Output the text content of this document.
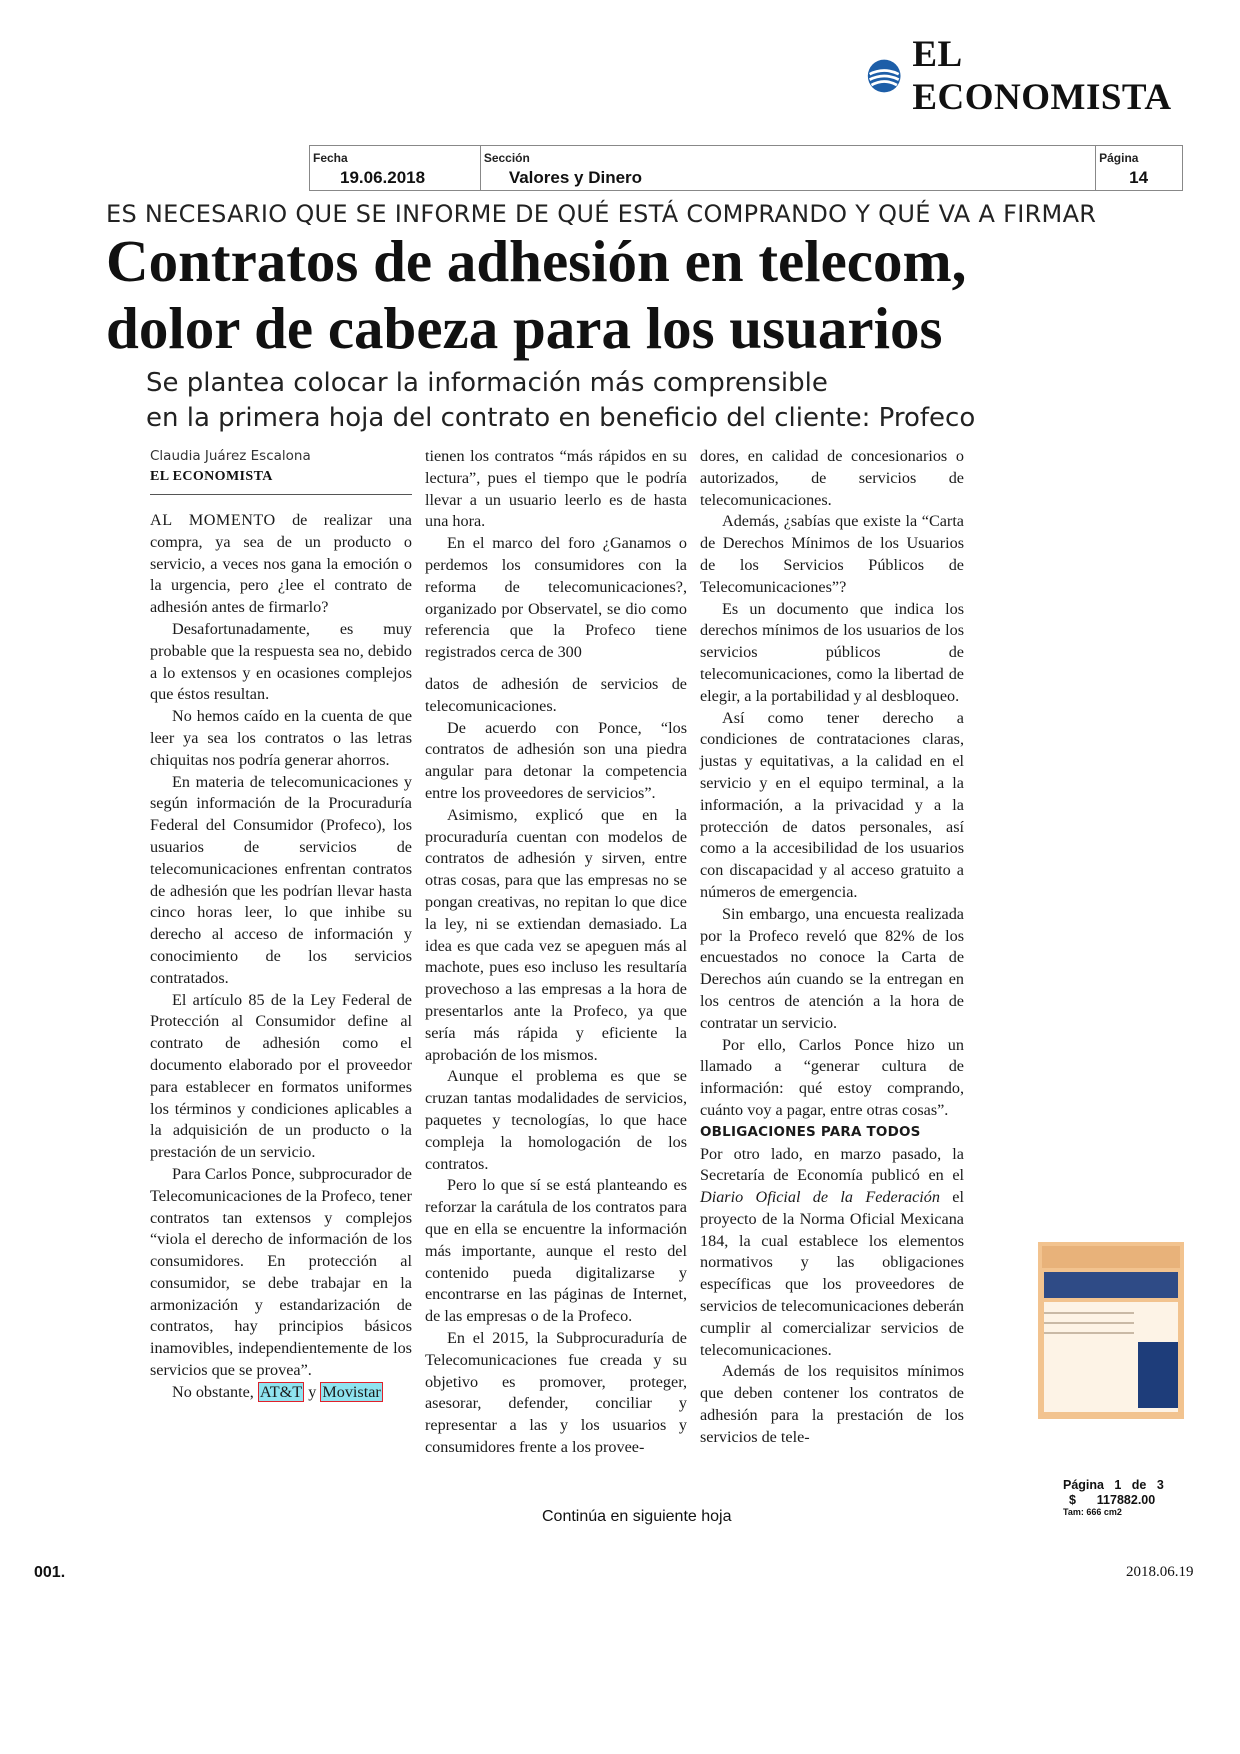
EL ECONOMISTA
Fecha
19.06.2018
Sección
Valores y Dinero
Página
14
ES NECESARIO QUE SE INFORME DE QUÉ ESTÁ COMPRANDO Y QUÉ VA A FIRMAR
Contratos de adhesión en telecom,
dolor de cabeza para los usuarios
Se plantea colocar la información más comprensible
en la primera hoja del contrato en beneficio del cliente: Profeco
Claudia Juárez Escalona
EL ECONOMISTA

AL MOMENTO de realizar una compra, ya sea de un producto o servicio, a veces nos gana la emoción o la urgencia, pero ¿lee el contrato de adhesión antes de firmarlo?

Desafortunadamente, es muy probable que la respuesta sea no, debido a lo extensos y en ocasiones complejos que éstos resultan.

No hemos caído en la cuenta de que leer ya sea los contratos o las letras chiquitas nos podría generar ahorros.

En materia de telecomunicaciones y según información de la Procuraduría Federal del Consumidor (Profeco), los usuarios de servicios de telecomunicaciones enfrentan contratos de adhesión que les podrían llevar hasta cinco horas leer, lo que inhibe su derecho al acceso de información y conocimiento de los servicios contratados.

El artículo 85 de la Ley Federal de Protección al Consumidor define al contrato de adhesión como el documento elaborado por el proveedor para establecer en formatos uniformes los términos y condiciones aplicables a la adquisición de un producto o la prestación de un servicio.

Para Carlos Ponce, subprocurador de Telecomunicaciones de la Profeco, tener contratos tan extensos y complejos “viola el derecho de información de los consumidores. En protección al consumidor, se debe trabajar en la armonización y estandarización de contratos, hay principios básicos inamovibles, independientemente de los servicios que se provea”.

No obstante, AT&T y Movistar

tienen los contratos “más rápidos en su lectura”, pues el tiempo que le podría llevar a un usuario leerlo es de hasta una hora.

En el marco del foro ¿Ganamos o perdemos los consumidores con la reforma de telecomunicaciones?, organizado por Observatel, se dio como referencia que la Profeco tiene registrados cerca de 300

datos de adhesión de servicios de telecomunicaciones.

De acuerdo con Ponce, “los contratos de adhesión son una piedra angular para detonar la competencia entre los proveedores de servicios”.

Asimismo, explicó que en la procuraduría cuentan con modelos de contratos de adhesión y sirven, entre otras cosas, para que las empresas no se pongan creativas, no repitan lo que dice la ley, ni se extiendan demasiado. La idea es que cada vez se apeguen más al machote, pues eso incluso les resultaría provechoso a las empresas a la hora de presentarlos ante la Profeco, ya que sería más rápida y eficiente la aprobación de los mismos.

Aunque el problema es que se cruzan tantas modalidades de servicios, paquetes y tecnologías, lo que hace compleja la homologación de los contratos.

Pero lo que sí se está planteando es reforzar la carátula de los contratos para que en ella se encuentre la información más importante, aunque el resto del contenido pueda digitalizarse y encontrarse en las páginas de Internet, de las empresas o de la Profeco.

En el 2015, la Subprocuraduría de Telecomunicaciones fue creada y su objetivo es promover, proteger, asesorar, defender, conciliar y representar a las y los usuarios y consumidores frente a los provee-

dores, en calidad de concesionarios o autorizados, de servicios de telecomunicaciones.

Además, ¿sabías que existe la “Carta de Derechos Mínimos de los Usuarios de los Servicios Públicos de Telecomunicaciones”?

Es un documento que indica los derechos mínimos de los usuarios de los servicios públicos de telecomunicaciones, como la libertad de elegir, a la portabilidad y al desbloqueo.

Así como tener derecho a condiciones de contrataciones claras, justas y equitativas, a la calidad en el servicio y en el equipo terminal, a la información, a la privacidad y a la protección de datos personales, así como a la accesibilidad de los usuarios con discapacidad y al acceso gratuito a números de emergencia.

Sin embargo, una encuesta realizada por la Profeco reveló que 82% de los encuestados no conoce la Carta de Derechos aún cuando se la entregan en los centros de atención a la hora de contratar un servicio.

Por ello, Carlos Ponce hizo un llamado a “generar cultura de información: qué estoy comprando, cuánto voy a pagar, entre otras cosas”.

OBLIGACIONES PARA TODOS

Por otro lado, en marzo pasado, la Secretaría de Economía publicó en el Diario Oficial de la Federación el proyecto de la Norma Oficial Mexicana 184, la cual establece los elementos normativos y las obligaciones específicas que los proveedores de servicios de telecomunicaciones deberán cumplir al comercializar servicios de telecomunicaciones.

Además de los requisitos mínimos que deben contener los contratos de adhesión para la prestación de los servicios de tele-

Página 1 de 3
$ 117882.00
Tam: 666 cm2
Continúa en siguiente hoja
001.	2018.06.19
